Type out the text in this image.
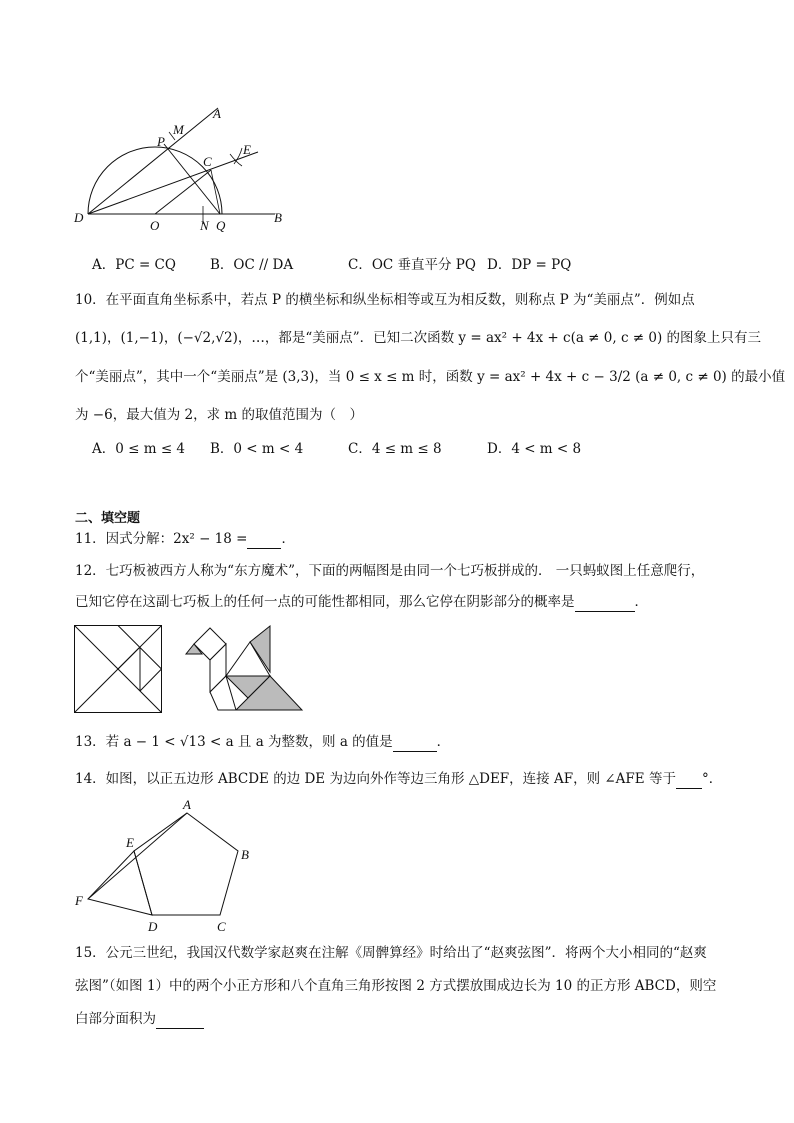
A
M
P
E
C
D
O	N Q
B
A．PC = CQ	B．OC // DA	C．OC 垂直平分 PQ D．DP = PQ
10．在平面直角坐标系中，若点 P 的横坐标和纵坐标相等或互为相反数，则称点 P 为“美丽点”．例如点
(1,1)，(1,−1)，(−√2,√2)，…，都是“美丽点”．已知二次函数 y = ax² + 4x + c(a ≠ 0, c ≠ 0) 的图象上只有三
个“美丽点”，其中一个“美丽点”是 (3,3)，当 0 ≤ x ≤ m 时，函数 y = ax² + 4x + c − 3/2 (a ≠ 0, c ≠ 0) 的最小值
为 −6，最大值为 2，求 m 的取值范围为（　）
A．0 ≤ m ≤ 4 B．0 < m < 4	C．4 ≤ m ≤ 8	D．4 < m < 8
二、填空题
11．因式分解：2x² − 18 =	．
12．七巧板被西方人称为“东方魔术”，下面的两幅图是由同一个七巧板拼成的． 一只蚂蚁图上任意爬行，
已知它停在这副七巧板上的任何一点的可能性都相同，那么它停在阴影部分的概率是	．
13．若 a − 1 < √13 < a 且 a 为整数，则 a 的值是	．
14．如图，以正五边形 ABCDE 的边 DE 为边向外作等边三角形 △DEF，连接 AF，则 ∠AFE 等于 °．
A
B
C
D
E
F
15．公元三世纪，我国汉代数学家赵爽在注解《周髀算经》时给出了“赵爽弦图”．将两个大小相同的“赵爽
弦图”（如图 1）中的两个小正方形和八个直角三角形按图 2 方式摆放围成边长为 10 的正方形 ABCD，则空
白部分面积为
